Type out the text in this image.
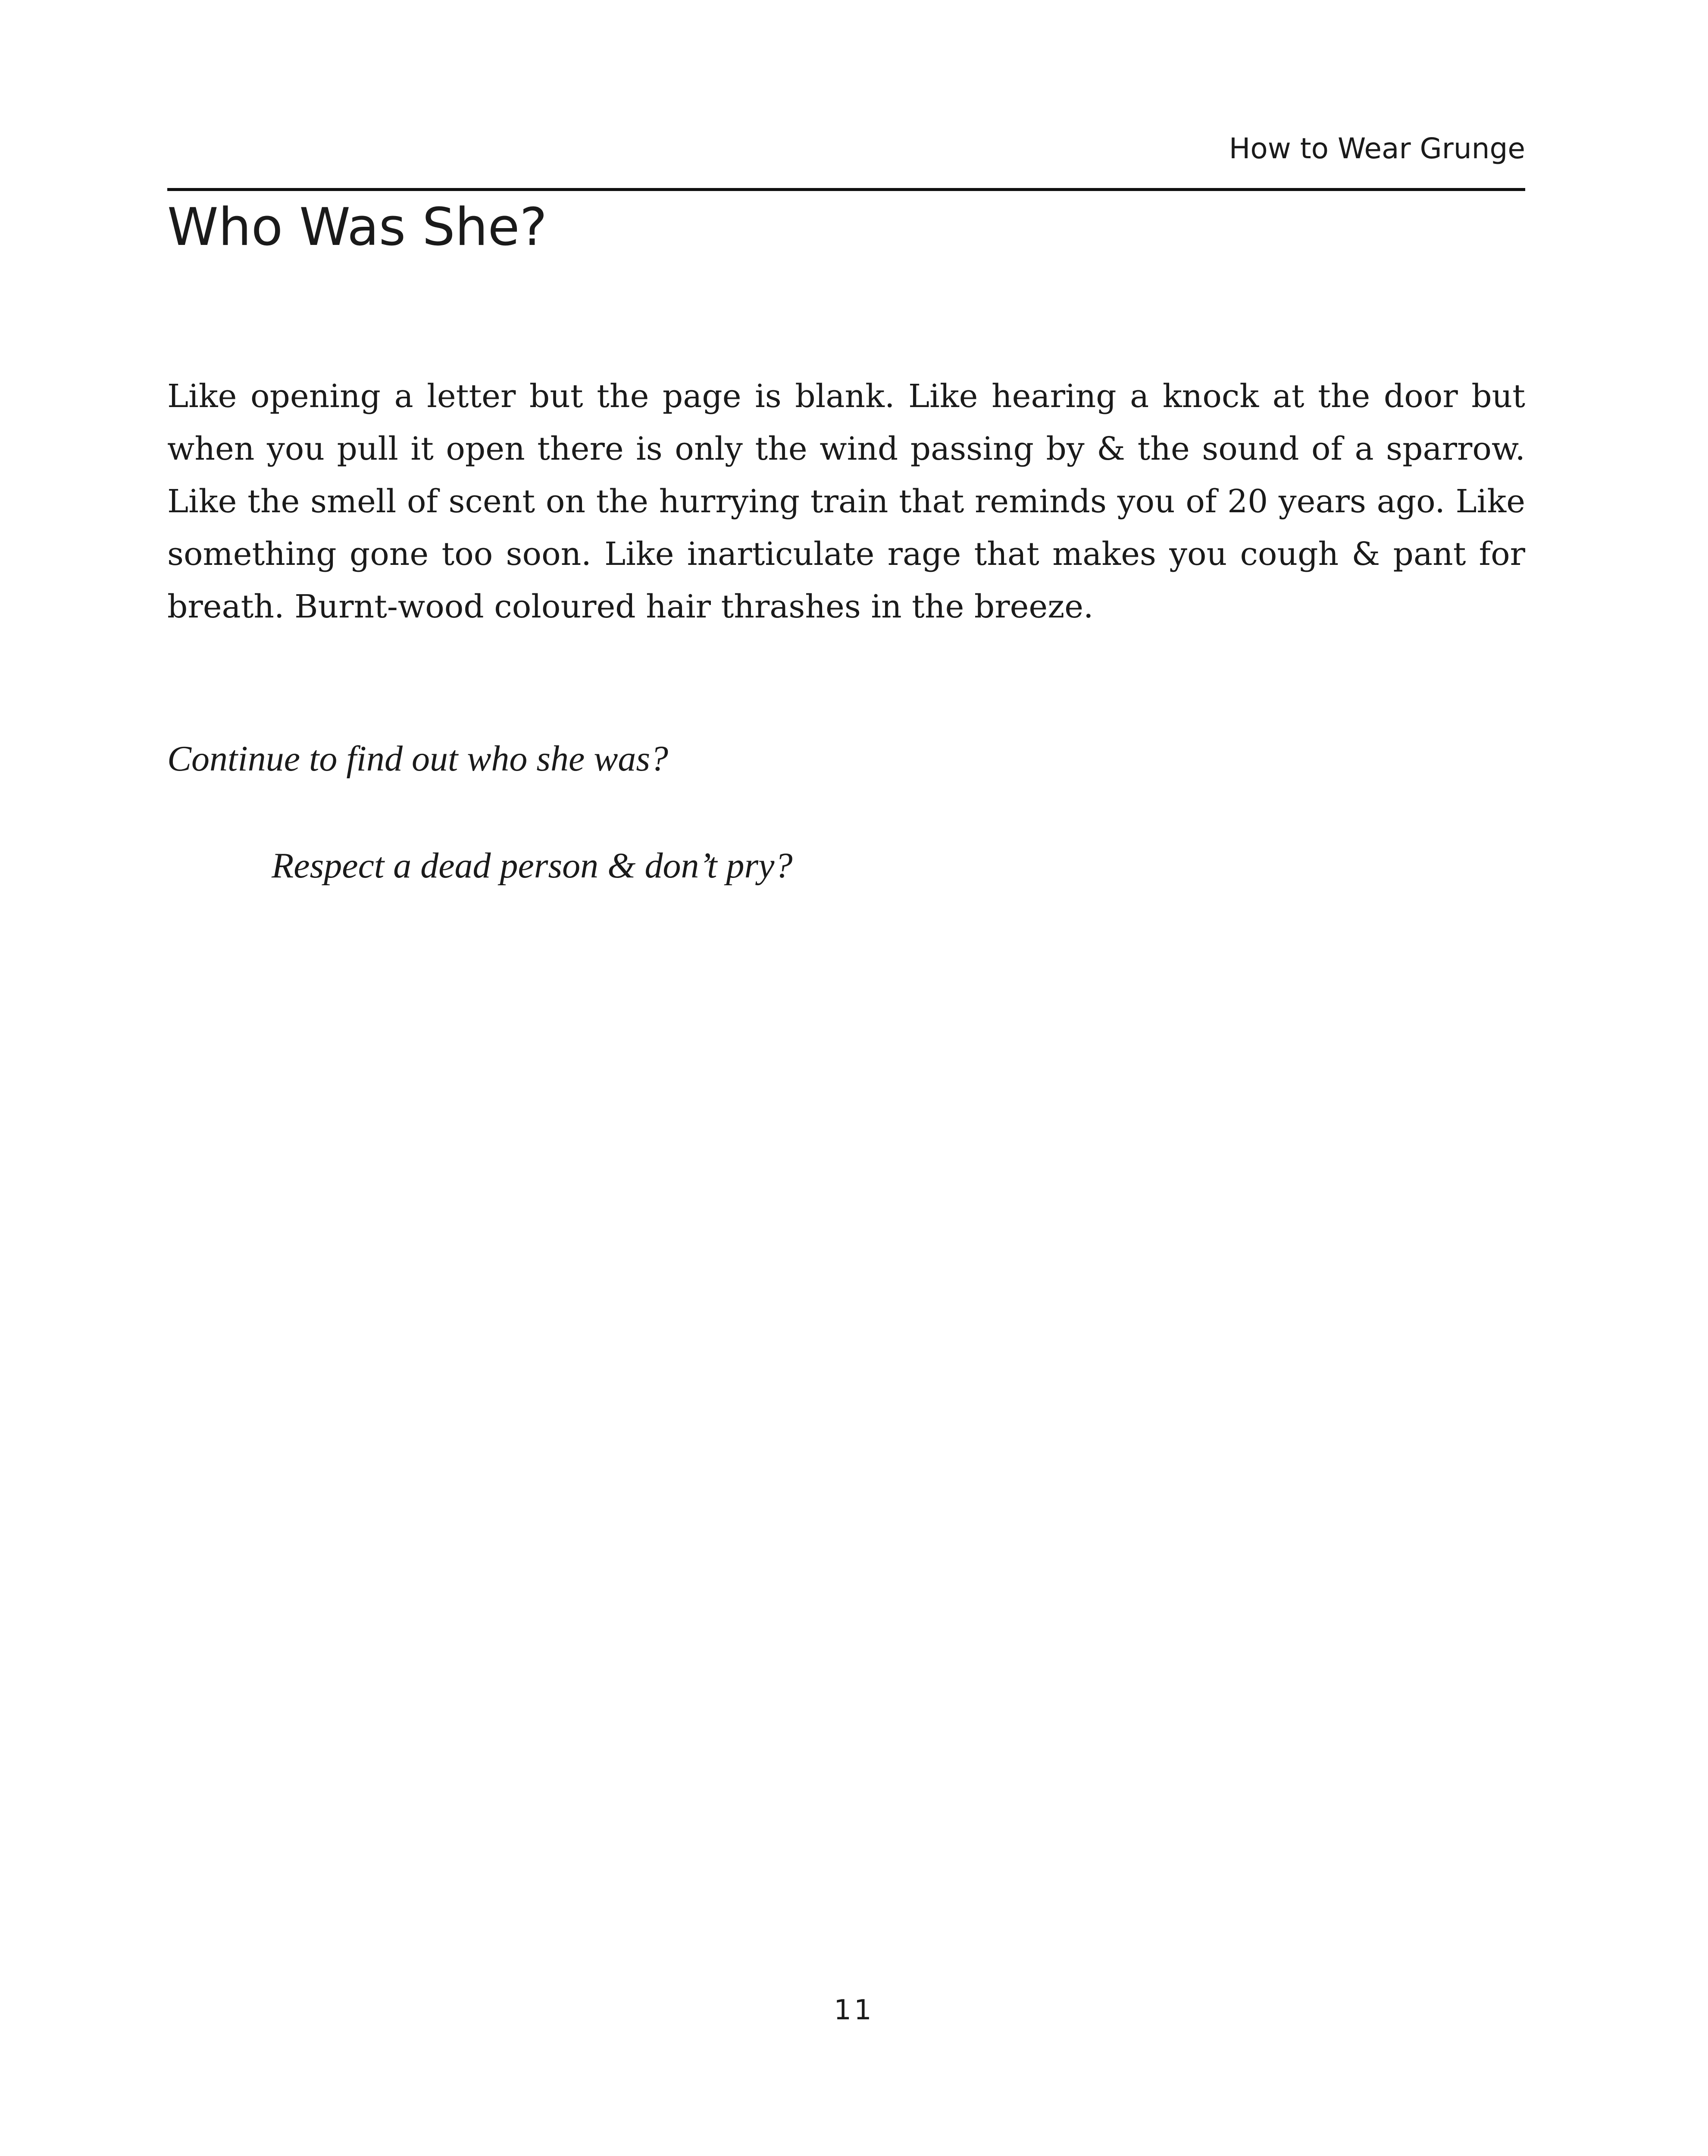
How to Wear Grunge
Who Was She?

Like opening a letter but the page is blank. Like hearing a knock at the door but when you pull it open there is only the wind passing by & the sound of a sparrow. Like the smell of scent on the hurrying train that reminds you of 20 years ago. Like something gone too soon. Like inarticulate rage that makes you cough & pant for breath. Burnt-wood coloured hair thrashes in the breeze.

Continue to find out who she was?

Respect a dead person & don’t pry?

11
